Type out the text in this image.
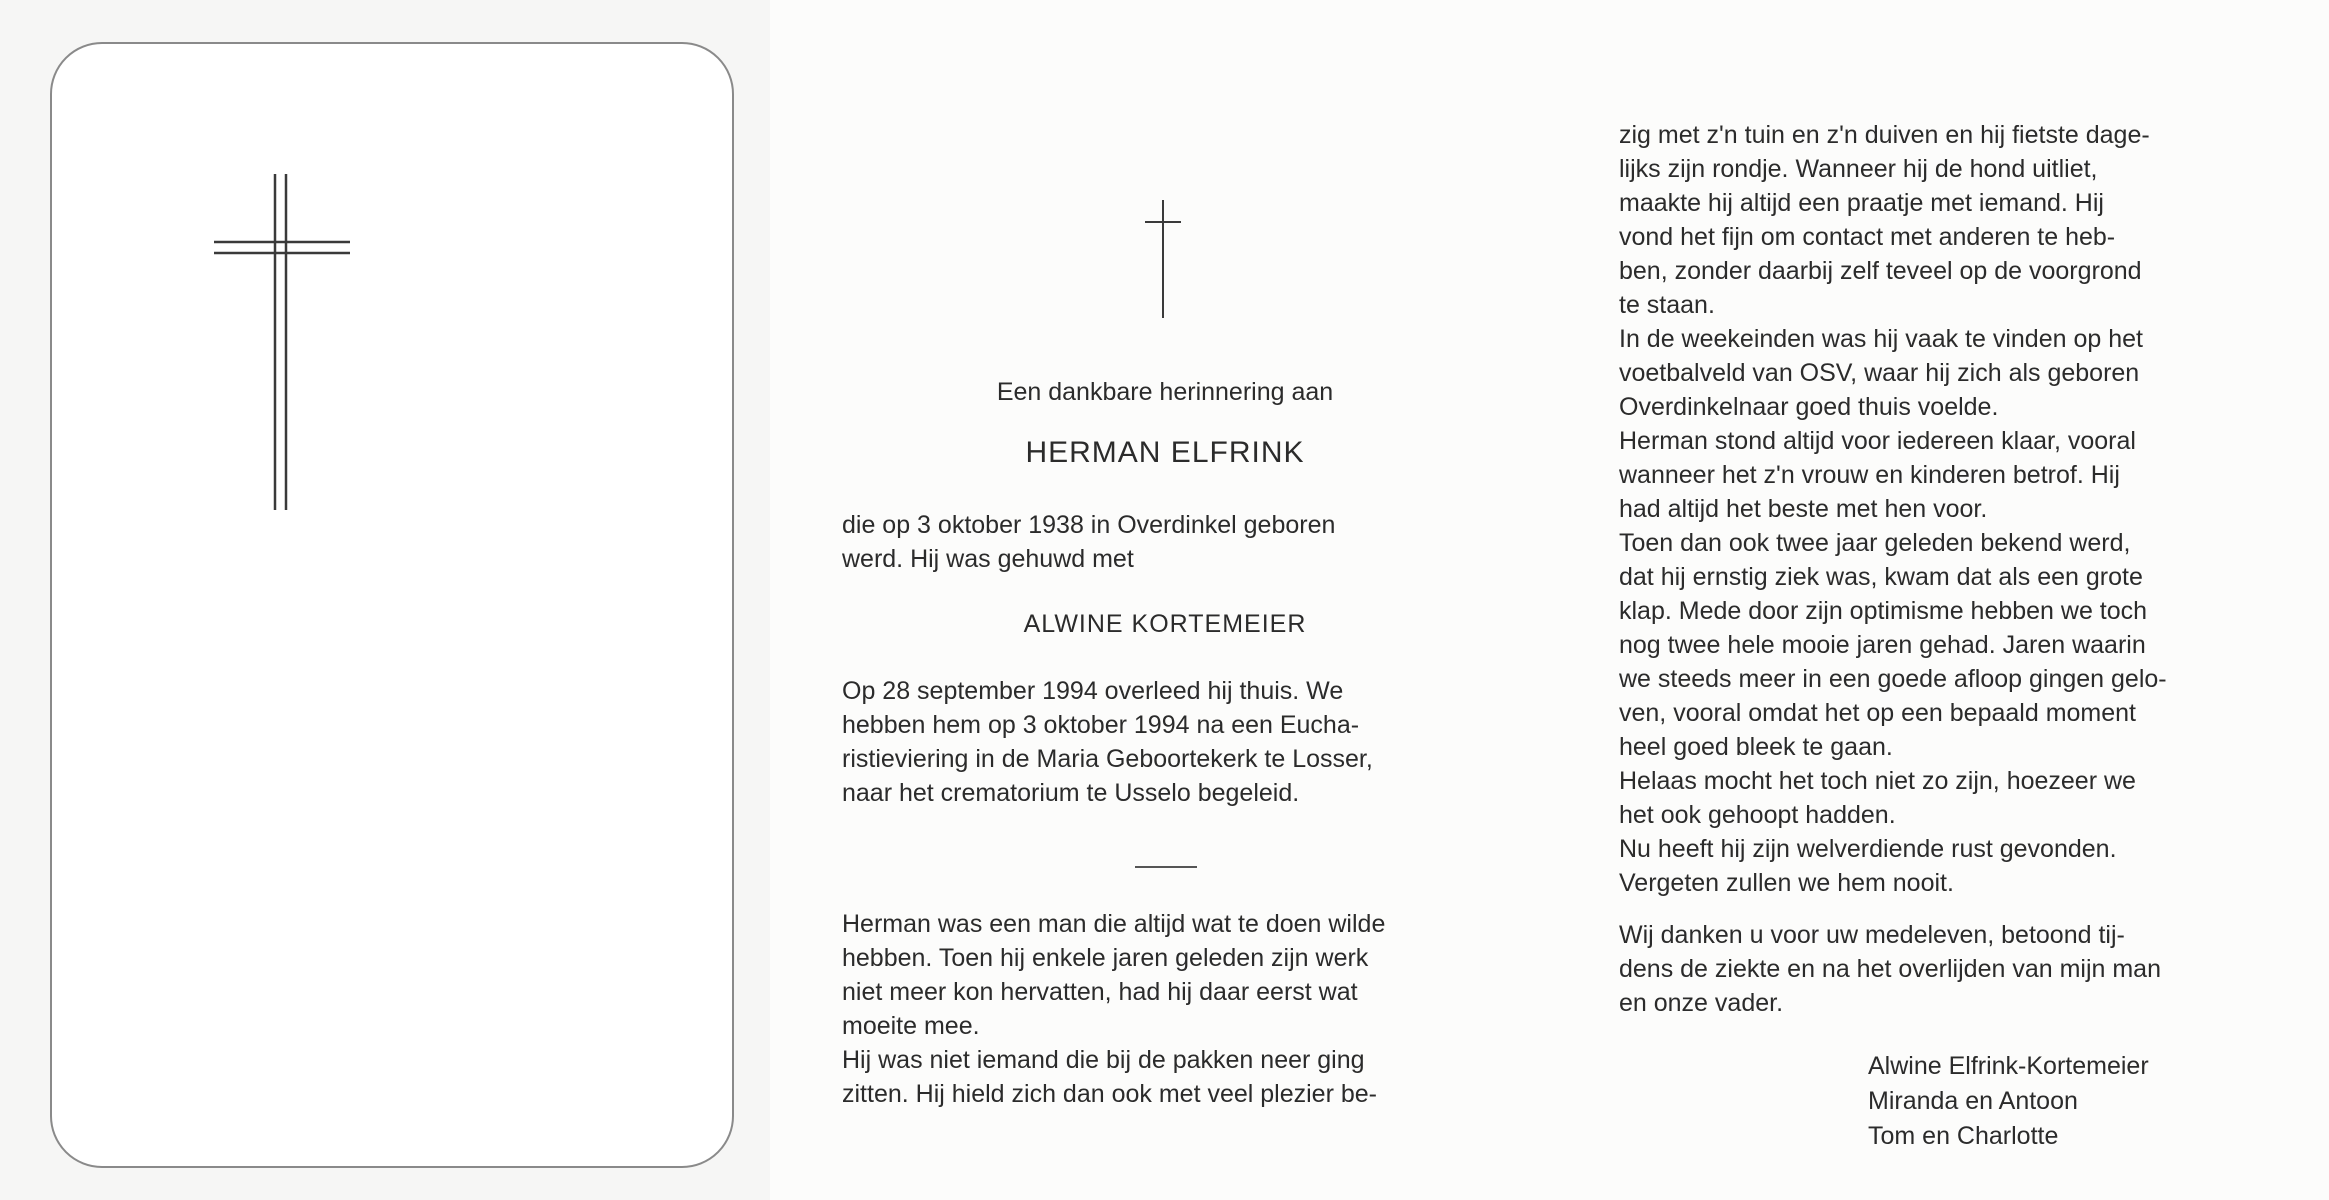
Een dankbare herinnering aan
HERMAN ELFRINK

die op 3 oktober 1938 in Overdinkel geboren

werd. Hij was gehuwd met

ALWINE KORTEMEIER

Op 28 september 1994 overleed hij thuis. We

hebben hem op 3 oktober 1994 na een Eucha-

ristieviering in de Maria Geboortekerk te Losser,

naar het crematorium te Usselo begeleid.

Herman was een man die altijd wat te doen wilde

hebben. Toen hij enkele jaren geleden zijn werk

niet meer kon hervatten, had hij daar eerst wat

moeite mee.

Hij was niet iemand die bij de pakken neer ging

zitten. Hij hield zich dan ook met veel plezier be-

zig met z'n tuin en z'n duiven en hij fietste dage-

lijks zijn rondje. Wanneer hij de hond uitliet,

maakte hij altijd een praatje met iemand. Hij

vond het fijn om contact met anderen te heb-

ben, zonder daarbij zelf teveel op de voorgrond

te staan.

In de weekeinden was hij vaak te vinden op het

voetbalveld van OSV, waar hij zich als geboren

Overdinkelnaar goed thuis voelde.

Herman stond altijd voor iedereen klaar, vooral

wanneer het z'n vrouw en kinderen betrof. Hij

had altijd het beste met hen voor.

Toen dan ook twee jaar geleden bekend werd,

dat hij ernstig ziek was, kwam dat als een grote

klap. Mede door zijn optimisme hebben we toch

nog twee hele mooie jaren gehad. Jaren waarin

we steeds meer in een goede afloop gingen gelo-

ven, vooral omdat het op een bepaald moment

heel goed bleek te gaan.

Helaas mocht het toch niet zo zijn, hoezeer we

het ook gehoopt hadden.

Nu heeft hij zijn welverdiende rust gevonden.

Vergeten zullen we hem nooit.

Wij danken u voor uw medeleven, betoond tij-

dens de ziekte en na het overlijden van mijn man

en onze vader.

Alwine Elfrink-Kortemeier
Miranda en Antoon
Tom en Charlotte
